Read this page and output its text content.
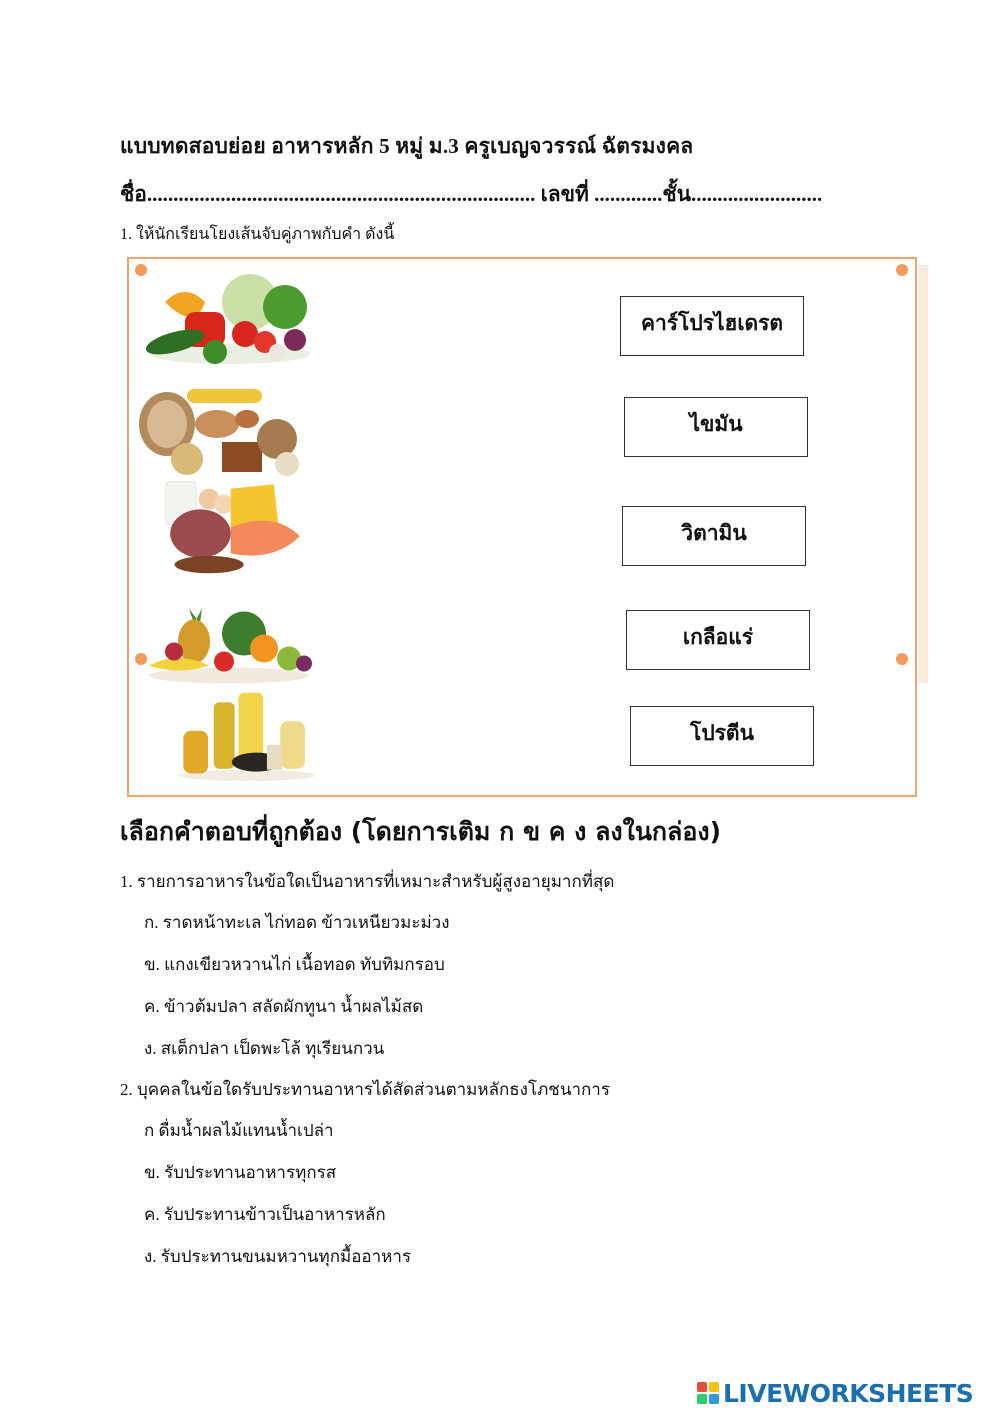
แบบทดสอบย่อย อาหารหลัก 5 หมู่ ม.3 ครูเบญจวรรณ์ ฉัตรมงคล
ชื่อ.......................................................................... เลขที่ .............ชั้น.........................
1. ให้นักเรียนโยงเส้นจับคู่ภาพกับคำ ดังนี้
คาร์โปรไฮเดรต
ไขมัน
วิตามิน
เกลือแร่
โปรตีน
เลือกคำตอบที่ถูกต้อง (โดยการเติม ก ข ค ง ลงในกล่อง)
1. รายการอาหารในข้อใดเป็นอาหารที่เหมาะสำหรับผู้สูงอายุมากที่สุด
ก. ราดหน้าทะเล ไก่ทอด ข้าวเหนียวมะม่วง
ข. แกงเขียวหวานไก่ เนื้อทอด ทับทิมกรอบ
ค. ข้าวต้มปลา สลัดผักทูนา น้ำผลไม้สด
ง. สเต็กปลา เป็ดพะโล้ ทุเรียนกวน
2. บุคคลในข้อใดรับประทานอาหารได้สัดส่วนตามหลักธงโภชนาการ
ก ดื่มน้ำผลไม้แทนน้ำเปล่า
ข. รับประทานอาหารทุกรส
ค. รับประทานข้าวเป็นอาหารหลัก
ง. รับประทานขนมหวานทุกมื้ออาหาร
LIVEWORKSHEETS
